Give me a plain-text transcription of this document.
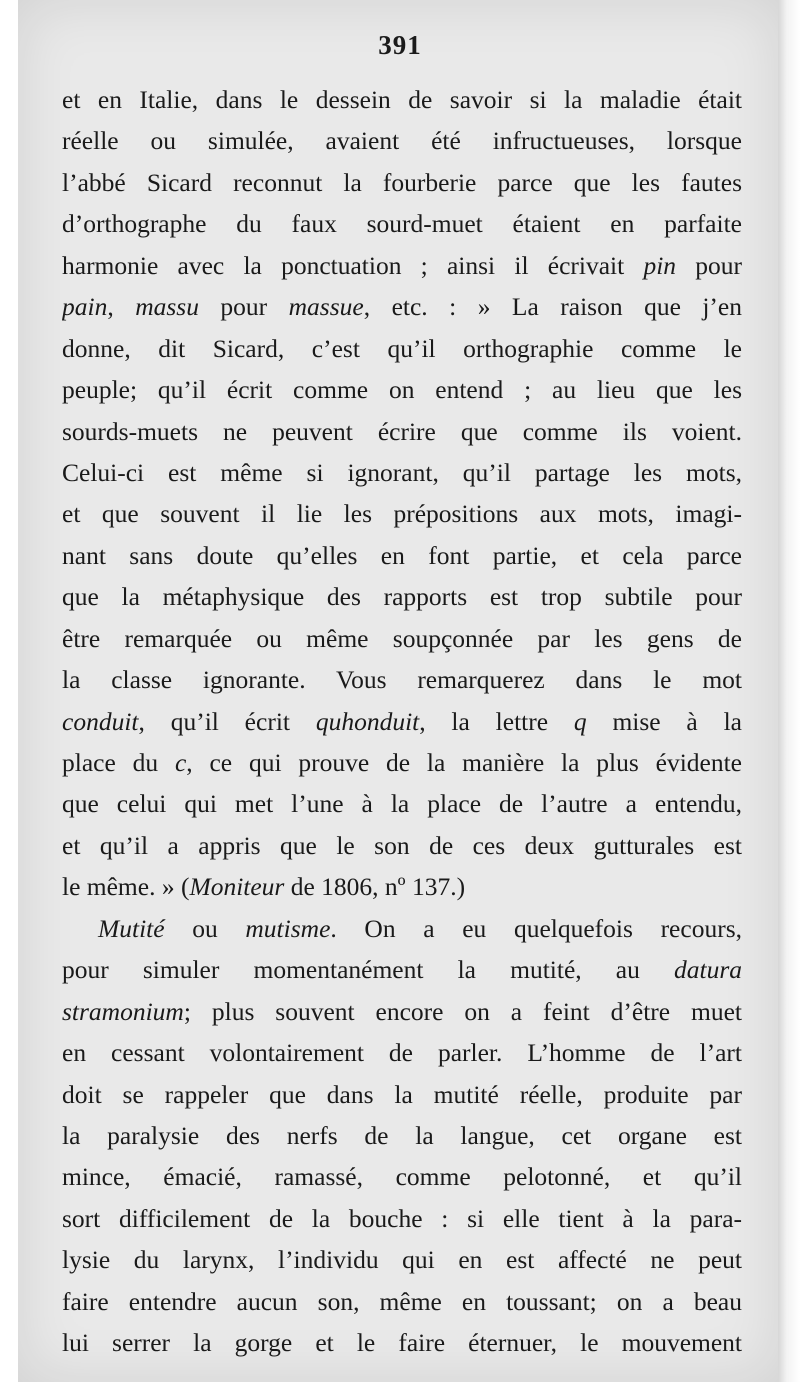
391
et en Italie, dans le dessein de savoir si la maladie était
réelle ou simulée, avaient été infructueuses, lorsque
l’abbé Sicard reconnut la fourberie parce que les fautes
d’orthographe du faux sourd-muet étaient en parfaite
harmonie avec la ponctuation ; ainsi il écrivait pin pour
pain, massu pour massue, etc. : » La raison que j’en
donne, dit Sicard, c’est qu’il orthographie comme le
peuple; qu’il écrit comme on entend ; au lieu que les
sourds-muets ne peuvent écrire que comme ils voient.
Celui-ci est même si ignorant, qu’il partage les mots,
et que souvent il lie les prépositions aux mots, imagi-
nant sans doute qu’elles en font partie, et cela parce
que la métaphysique des rapports est trop subtile pour
être remarquée ou même soupçonnée par les gens de
la classe ignorante. Vous remarquerez dans le mot
conduit, qu’il écrit quhonduit, la lettre q mise à la
place du c, ce qui prouve de la manière la plus évidente
que celui qui met l’une à la place de l’autre a entendu,
et qu’il a appris que le son de ces deux gutturales est
le même. » (Moniteur de 1806, nº 137.)
Mutité ou mutisme. On a eu quelquefois recours,
pour simuler momentanément la mutité, au datura
stramonium; plus souvent encore on a feint d’être muet
en cessant volontairement de parler. L’homme de l’art
doit se rappeler que dans la mutité réelle, produite par
la paralysie des nerfs de la langue, cet organe est
mince, émacié, ramassé, comme pelotonné, et qu’il
sort difficilement de la bouche : si elle tient à la para-
lysie du larynx, l’individu qui en est affecté ne peut
faire entendre aucun son, même en toussant; on a beau
lui serrer la gorge et le faire éternuer, le mouvement
